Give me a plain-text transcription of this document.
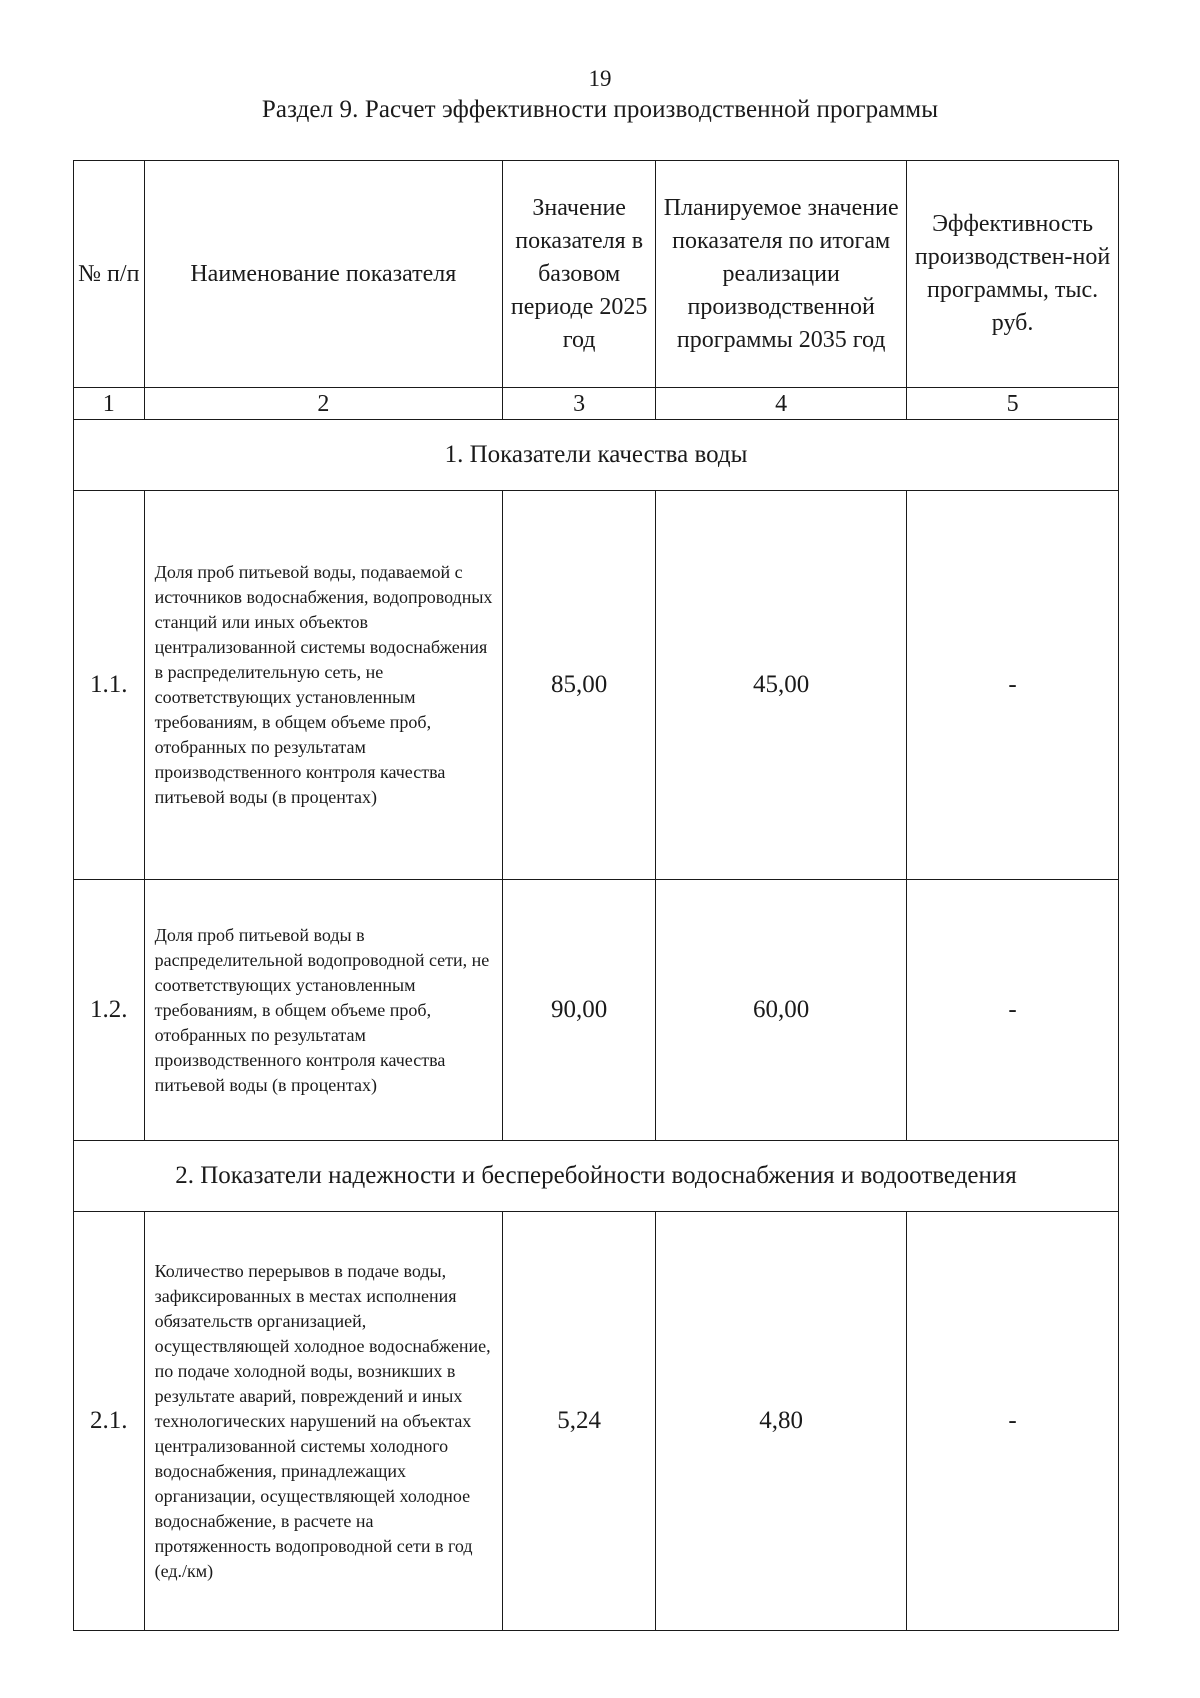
19
Раздел 9. Расчет эффективности производственной программы
№ п/п	Наименование показателя	Значение показателя в базовом периоде 2025 год	Планируемое значение показателя по итогам реализации производственной программы 2035 год	Эффективность производствен-ной программы, тыс. руб.
1	2	3	4	5
1. Показатели качества воды				
1.1.	Доля проб питьевой воды, подаваемой с источников водоснабжения, водопроводных станций или иных объектов централизованной системы водоснабжения в распределительную сеть, не соответствующих установленным требованиям, в общем объеме проб, отобранных по результатам производственного контроля качества питьевой воды (в процентах)	85,00	45,00	-
1.2.	Доля проб питьевой воды в распределительной водопроводной сети, не соответствующих установленным требованиям, в общем объеме проб, отобранных по результатам производственного контроля качества питьевой воды (в процентах)	90,00	60,00	-
2. Показатели надежности и бесперебойности водоснабжения и водоотведения				
2.1.	Количество перерывов в подаче воды, зафиксированных в местах исполнения обязательств организацией, осуществляющей холодное водоснабжение, по подаче холодной воды, возникших в результате аварий, повреждений и иных технологических нарушений на объектах централизованной системы холодного водоснабжения, принадлежащих организации, осуществляющей холодное водоснабжение, в расчете на протяженность водопроводной сети в год (ед./км)	5,24	4,80	-
